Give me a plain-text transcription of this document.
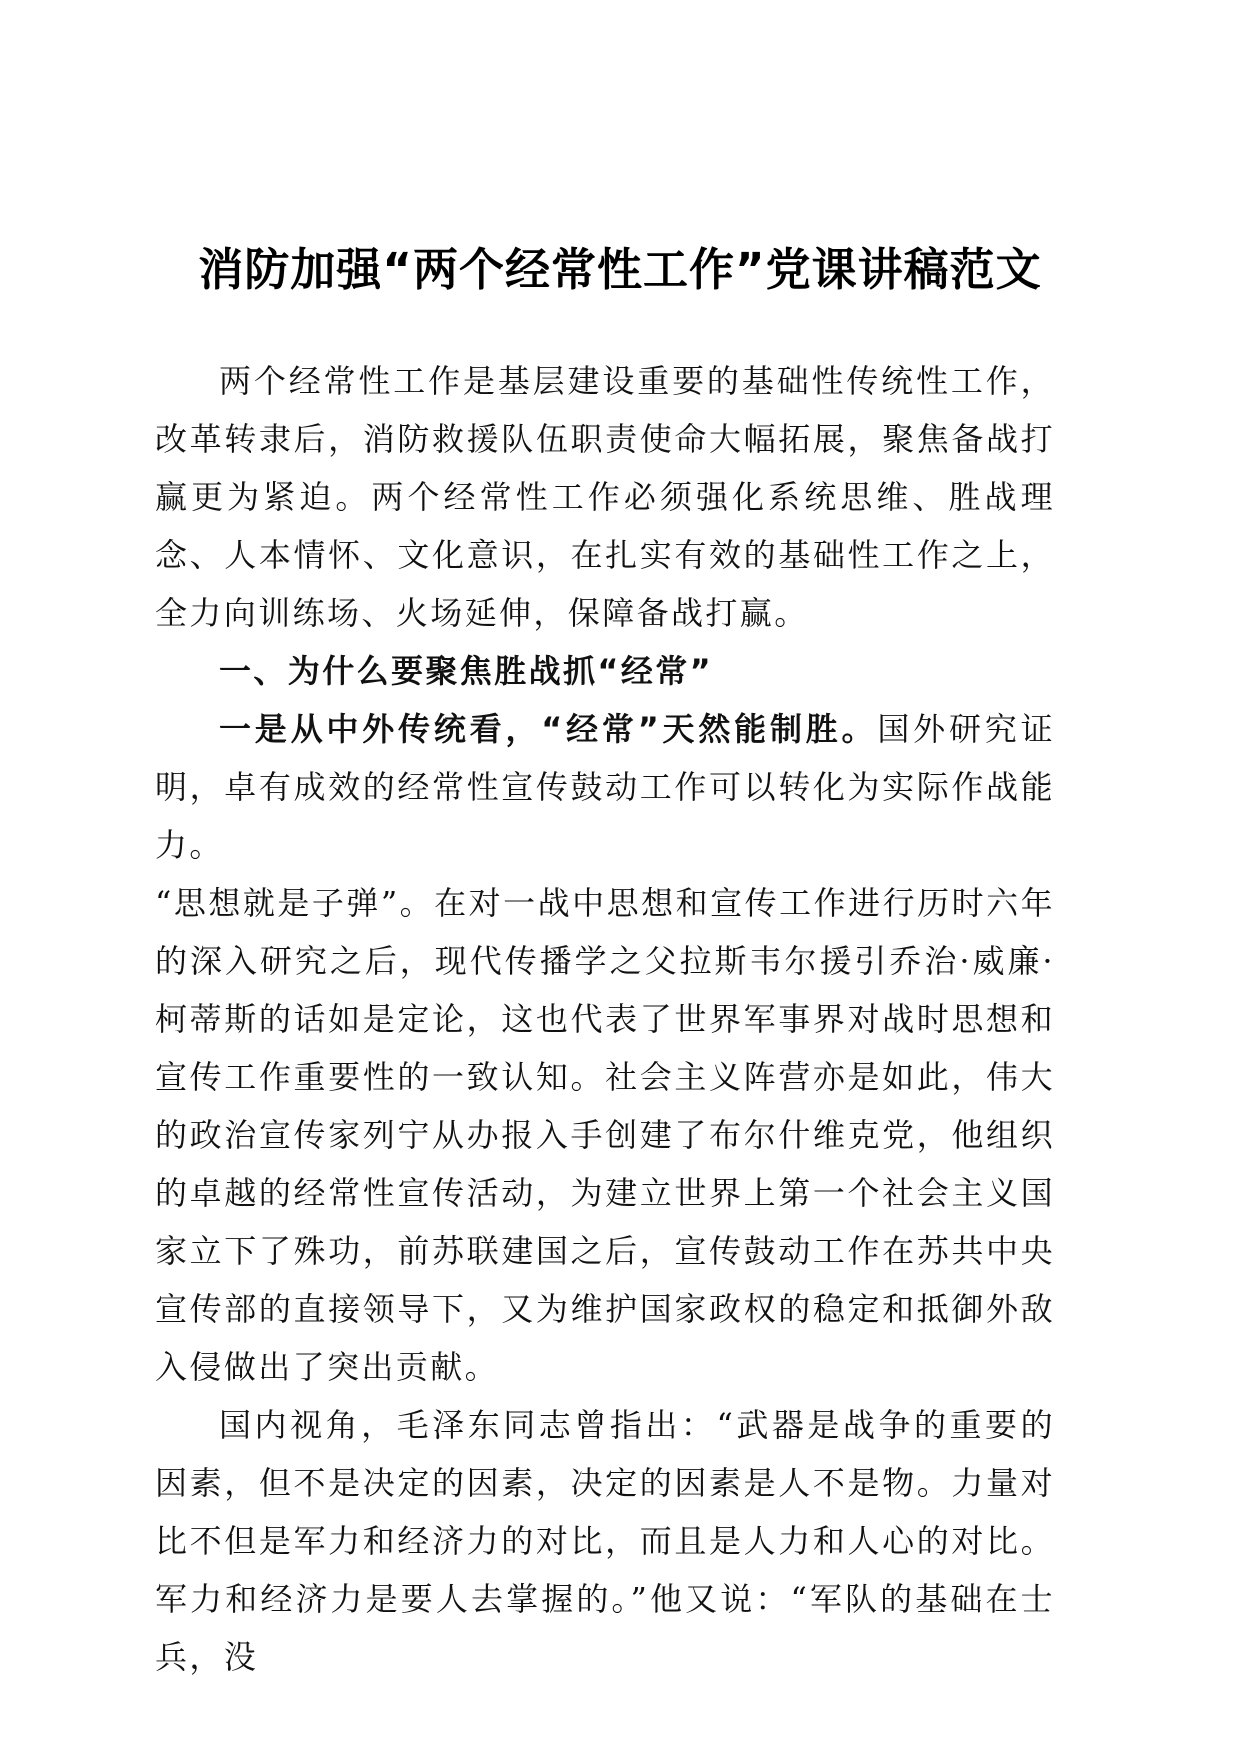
消防加强“两个经常性工作”党课讲稿范文

两个经常性工作是基层建设重要的基础性传统性工作，改革转隶后，消防救援队伍职责使命大幅拓展，聚焦备战打赢更为紧迫。两个经常性工作必须强化系统思维、胜战理念、人本情怀、文化意识，在扎实有效的基础性工作之上，全力向训练场、火场延伸，保障备战打赢。

一、为什么要聚焦胜战抓“经常”

一是从中外传统看，“经常”天然能制胜。国外研究证明，卓有成效的经常性宣传鼓动工作可以转化为实际作战能力。

“思想就是子弹”。在对一战中思想和宣传工作进行历时六年的深入研究之后，现代传播学之父拉斯韦尔援引乔治·威廉·柯蒂斯的话如是定论，这也代表了世界军事界对战时思想和宣传工作重要性的一致认知。社会主义阵营亦是如此，伟大的政治宣传家列宁从办报入手创建了布尔什维克党，他组织的卓越的经常性宣传活动，为建立世界上第一个社会主义国家立下了殊功，前苏联建国之后，宣传鼓动工作在苏共中央宣传部的直接领导下，又为维护国家政权的稳定和抵御外敌入侵做出了突出贡献。

国内视角，毛泽东同志曾指出：“武器是战争的重要的因素，但不是决定的因素，决定的因素是人不是物。力量对比不但是军力和经济力的对比，而且是人力和人心的对比。军力和经济力是要人去掌握的。”他又说：“军队的基础在士兵，没
